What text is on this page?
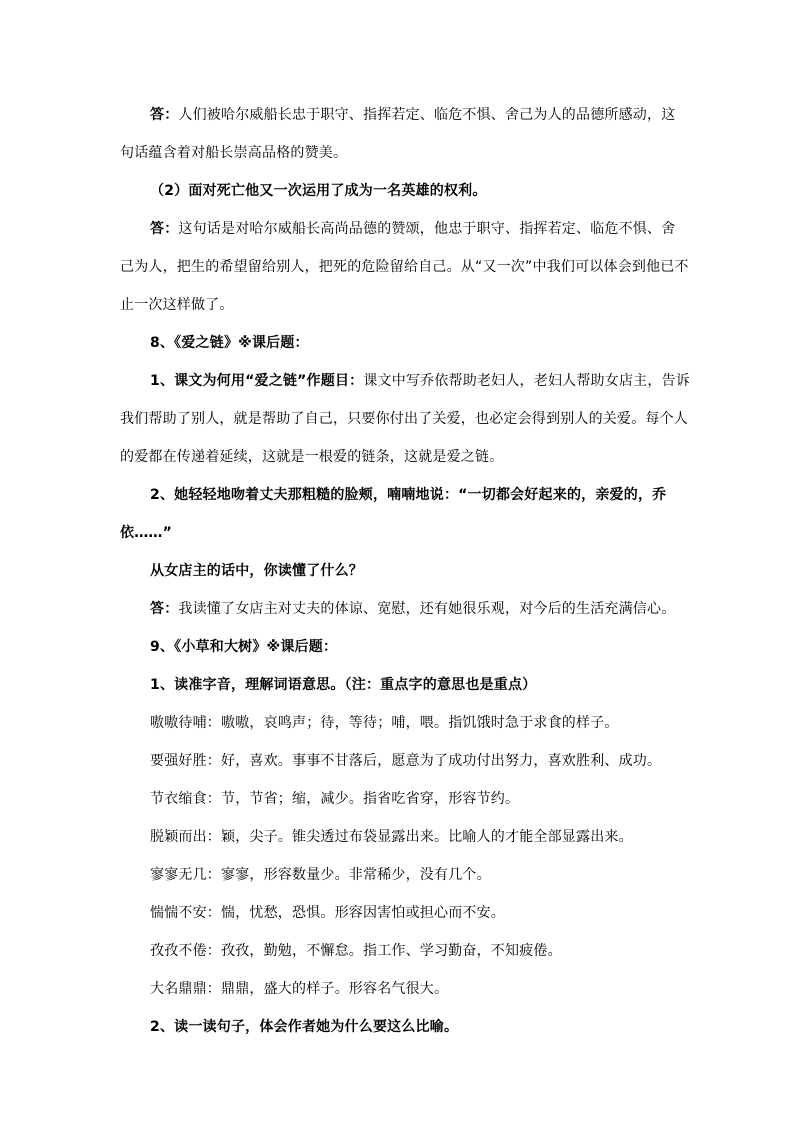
答：人们被哈尔威船长忠于职守、指挥若定、临危不惧、舍己为人的品德所感动，这
句话蕴含着对船长崇高品格的赞美。
（2）面对死亡他又一次运用了成为一名英雄的权利。
答：这句话是对哈尔威船长高尚品德的赞颂，他忠于职守、指挥若定、临危不惧、舍
己为人，把生的希望留给别人，把死的危险留给自己。从“又一次”中我们可以体会到他已不
止一次这样做了。
8、《爱之链》※课后题：
1、课文为何用“爱之链”作题目：课文中写乔依帮助老妇人，老妇人帮助女店主，告诉
我们帮助了别人，就是帮助了自己，只要你付出了关爱，也必定会得到别人的关爱。每个人
的爱都在传递着延续，这就是一根爱的链条，这就是爱之链。
2、她轻轻地吻着丈夫那粗糙的脸颊，喃喃地说：“一切都会好起来的，亲爱的，乔
依……”
从女店主的话中，你读懂了什么？
答：我读懂了女店主对丈夫的体谅、宽慰，还有她很乐观，对今后的生活充满信心。
9、《小草和大树》※课后题：
1、读准字音，理解词语意思。（注：重点字的意思也是重点）
嗷嗷待哺：嗷嗷，哀鸣声；待，等待；哺，喂。指饥饿时急于求食的样子。
要强好胜：好，喜欢。事事不甘落后，愿意为了成功付出努力，喜欢胜利、成功。
节衣缩食：节，节省；缩，减少。指省吃省穿，形容节约。
脱颖而出：颖，尖子。锥尖透过布袋显露出来。比喻人的才能全部显露出来。
寥寥无几：寥寥，形容数量少。非常稀少，没有几个。
惴惴不安：惴，忧愁，恐惧。形容因害怕或担心而不安。
孜孜不倦：孜孜，勤勉，不懈怠。指工作、学习勤奋，不知疲倦。
大名鼎鼎：鼎鼎，盛大的样子。形容名气很大。
2、读一读句子，体会作者她为什么要这么比喻。
